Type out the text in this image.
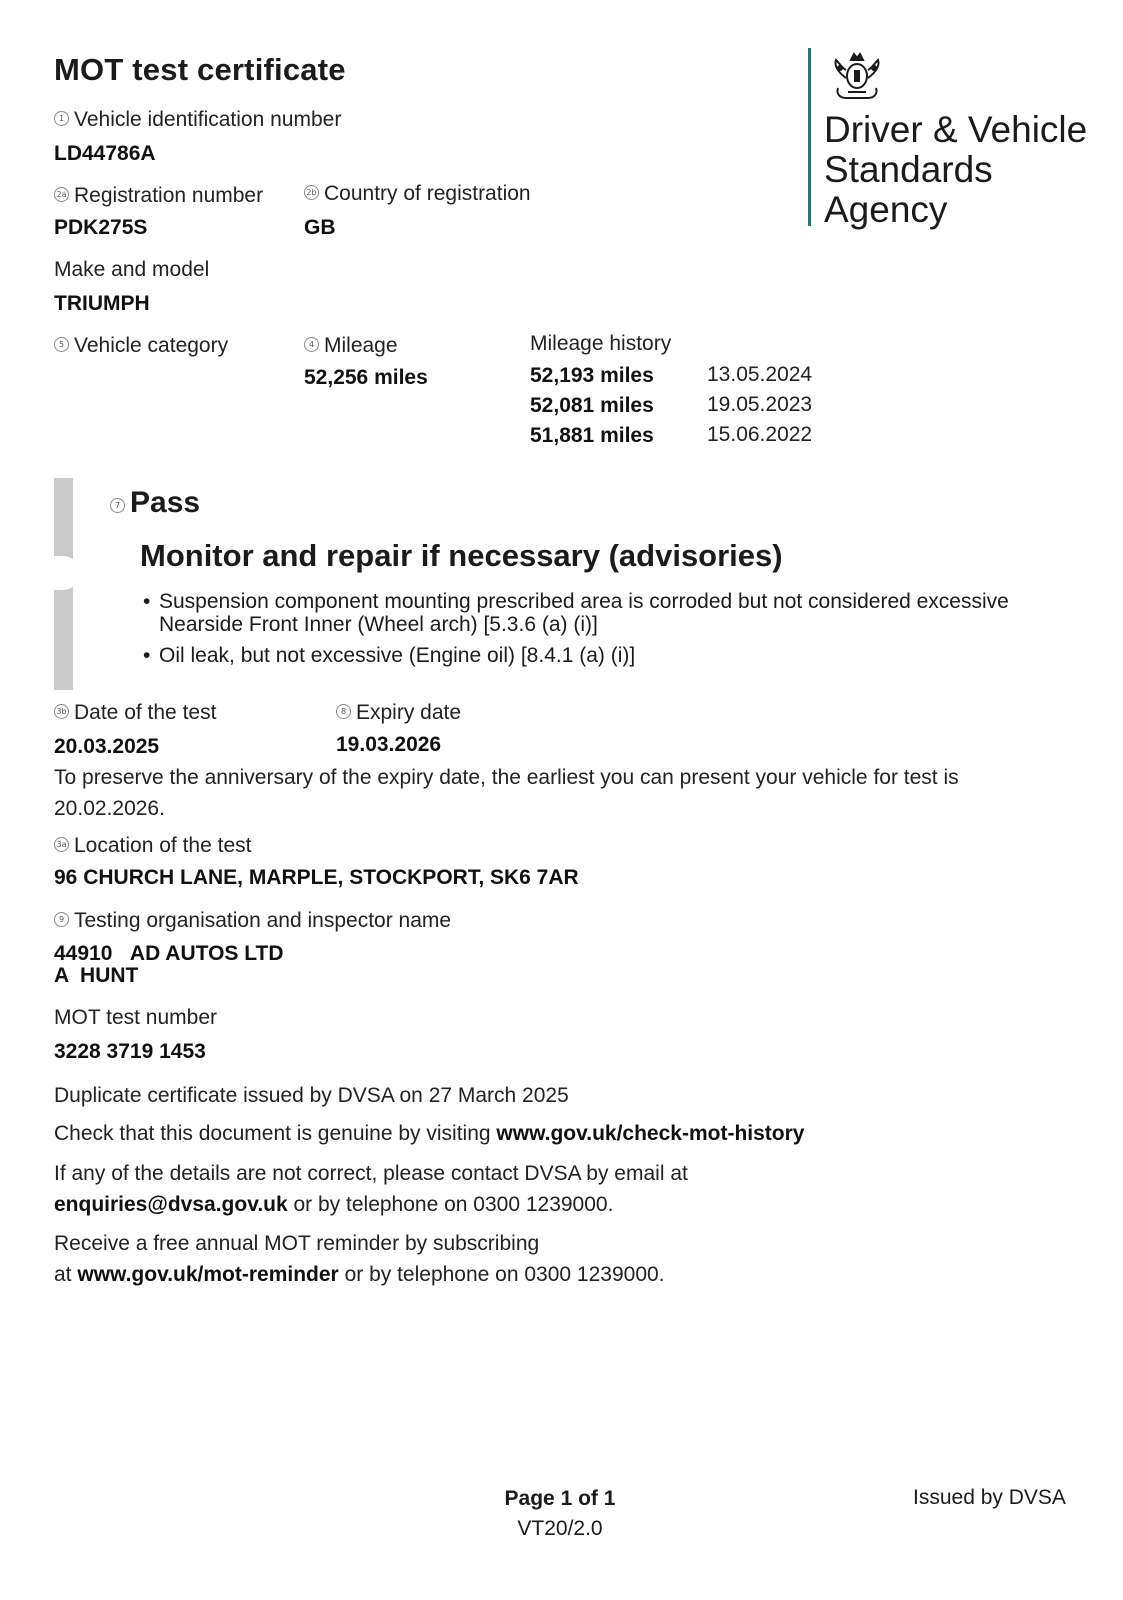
MOT test certificate
Driver & Vehicle
Standards
Agency
1 Vehicle identification number
LD44786A
2a Registration number
PDK275S
2b Country of registration
GB
Make and model
TRIUMPH
5 Vehicle category	4 Mileage
52,256 miles
Mileage history
52,193 miles	13.05.2024
52,081 miles	19.05.2023
51,881 miles	15.06.2022
7 Pass
Monitor and repair if necessary (advisories)
• Suspension component mounting prescribed area is corroded but not considered excessive
Nearside Front Inner (Wheel arch) [5.3.6 (a) (i)]
• Oil leak, but not excessive (Engine oil) [8.4.1 (a) (i)]
3b Date of the test
20.03.2025
8 Expiry date
19.03.2026
To preserve the anniversary of the expiry date, the earliest you can present your vehicle for test is
20.02.2026.
3a Location of the test
96 CHURCH LANE, MARPLE, STOCKPORT, SK6 7AR
9 Testing organisation and inspector name
44910 AD AUTOS LTD
A  HUNT
MOT test number
3228 3719 1453
Duplicate certificate issued by DVSA on 27 March 2025
Check that this document is genuine by visiting www.gov.uk/check-mot-history
If any of the details are not correct, please contact DVSA by email at
enquiries@dvsa.gov.uk or by telephone on 0300 1239000.
Receive a free annual MOT reminder by subscribing
at www.gov.uk/mot-reminder or by telephone on 0300 1239000.
Page 1 of 1
VT20/2.0
Issued by DVSA
